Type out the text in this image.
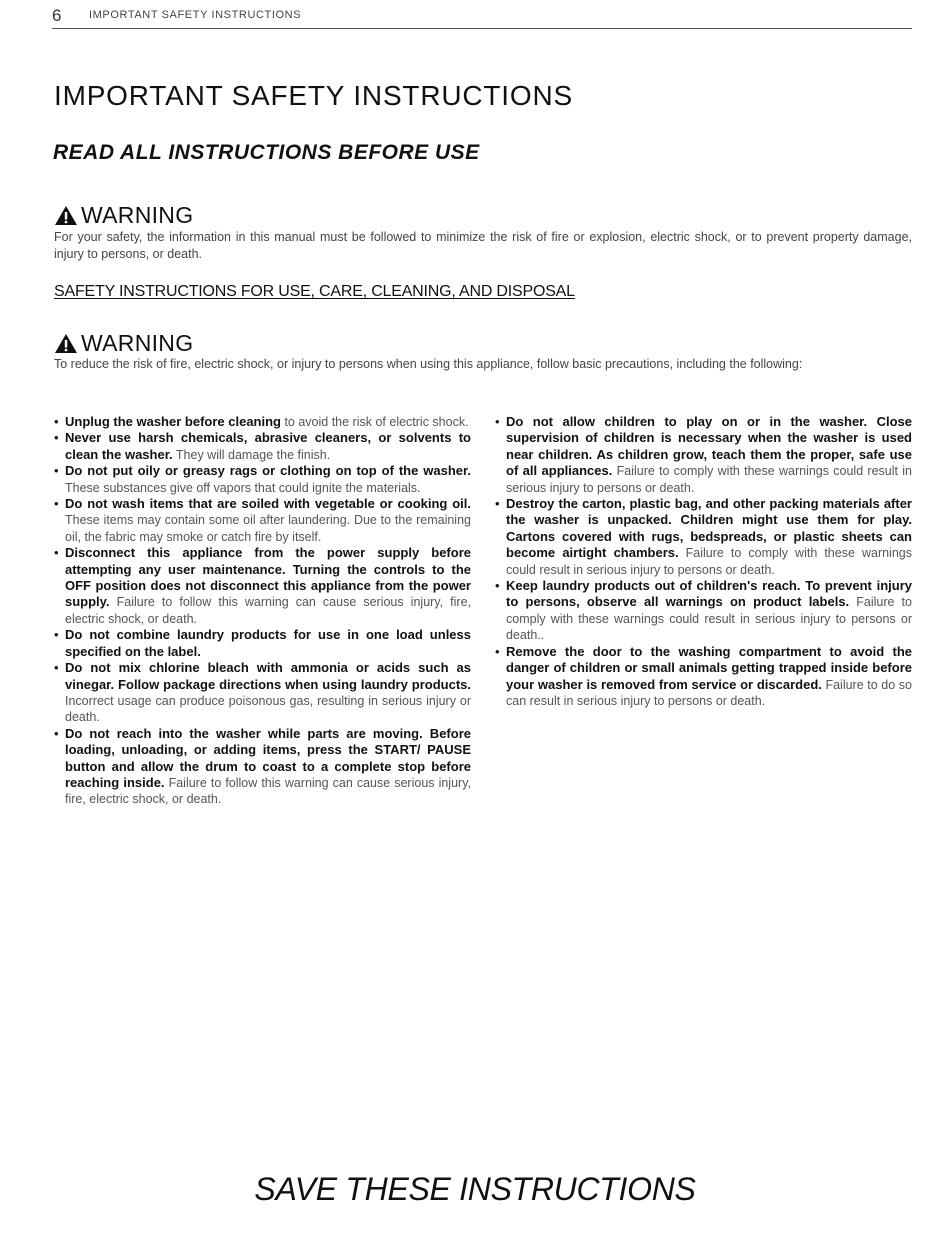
6	IMPORTANT SAFETY INSTRUCTIONS
IMPORTANT SAFETY INSTRUCTIONS
READ ALL INSTRUCTIONS BEFORE USE
WARNING

For your safety, the information in this manual must be followed to minimize the risk of fire or explosion, electric shock, or to prevent property damage, injury to persons, or death.

SAFETY INSTRUCTIONS FOR USE, CARE, CLEANING, AND DISPOSAL
WARNING

To reduce the risk of fire, electric shock, or injury to persons when using this appliance, follow basic precautions, including the following:

• Unplug the washer before cleaning to avoid the risk of electric shock.
• Never use harsh chemicals, abrasive cleaners, or solvents to clean the washer. They will damage the finish.
• Do not put oily or greasy rags or clothing on top of the washer. These substances give off vapors that could ignite the materials.
• Do not wash items that are soiled with vegetable or cooking oil. These items may contain some oil after laundering. Due to the remaining oil, the fabric may smoke or catch fire by itself.
• Disconnect this appliance from the power supply before attempting any user maintenance. Turning the controls to the OFF position does not disconnect this appliance from the power supply. Failure to follow this warning can cause serious injury, fire, electric shock, or death.
• Do not combine laundry products for use in one load unless specified on the label.
• Do not mix chlorine bleach with ammonia or acids such as vinegar. Follow package directions when using laundry products. Incorrect usage can produce poisonous gas, resulting in serious injury or death.
• Do not reach into the washer while parts are moving. Before loading, unloading, or adding items, press the START/ PAUSE button and allow the drum to coast to a complete stop before reaching inside. Failure to follow this warning can cause serious injury, fire, electric shock, or death.
• Do not allow children to play on or in the washer. Close supervision of children is necessary when the washer is used near children. As children grow, teach them the proper, safe use of all appliances. Failure to comply with these warnings could result in serious injury to persons or death.
• Destroy the carton, plastic bag, and other packing materials after the washer is unpacked. Children might use them for play. Cartons covered with rugs, bedspreads, or plastic sheets can become airtight chambers. Failure to comply with these warnings could result in serious injury to persons or death.
• Keep laundry products out of children's reach. To prevent injury to persons, observe all warnings on product labels. Failure to comply with these warnings could result in serious injury to persons or death..
• Remove the door to the washing compartment to avoid the danger of children or small animals getting trapped inside before your washer is removed from service or discarded. Failure to do so can result in serious injury to persons or death.
SAVE THESE INSTRUCTIONS
